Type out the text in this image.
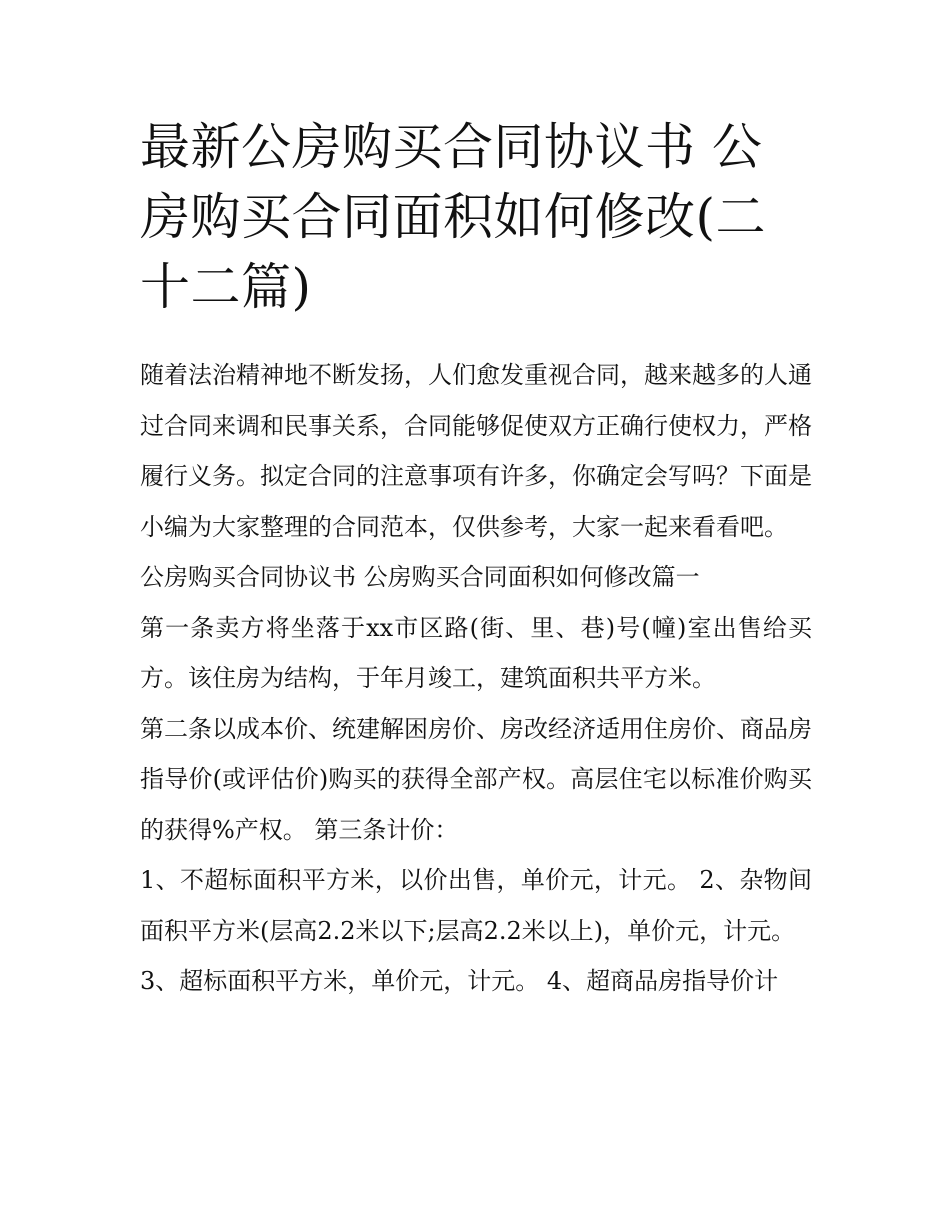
最新公房购买合同协议书 公房购买合同面积如何修改(二十二篇)

随着法治精神地不断发扬，人们愈发重视合同，越来越多的人通过合同来调和民事关系，合同能够促使双方正确行使权力，严格履行义务。拟定合同的注意事项有许多，你确定会写吗？下面是小编为大家整理的合同范本，仅供参考，大家一起来看看吧。

公房购买合同协议书 公房购买合同面积如何修改篇一

第一条卖方将坐落于xx市区路(街、里、巷)号(幢)室出售给买方。该住房为结构，于年月竣工，建筑面积共平方米。

第二条以成本价、统建解困房价、房改经济适用住房价、商品房指导价(或评估价)购买的获得全部产权。高层住宅以标准价购买的获得%产权。 第三条计价：

1、不超标面积平方米，以价出售，单价元，计元。 2、杂物间面积平方米(层高2.2米以下;层高2.2米以上)，单价元，计元。

3、超标面积平方米，单价元，计元。 4、超商品房指导价计
